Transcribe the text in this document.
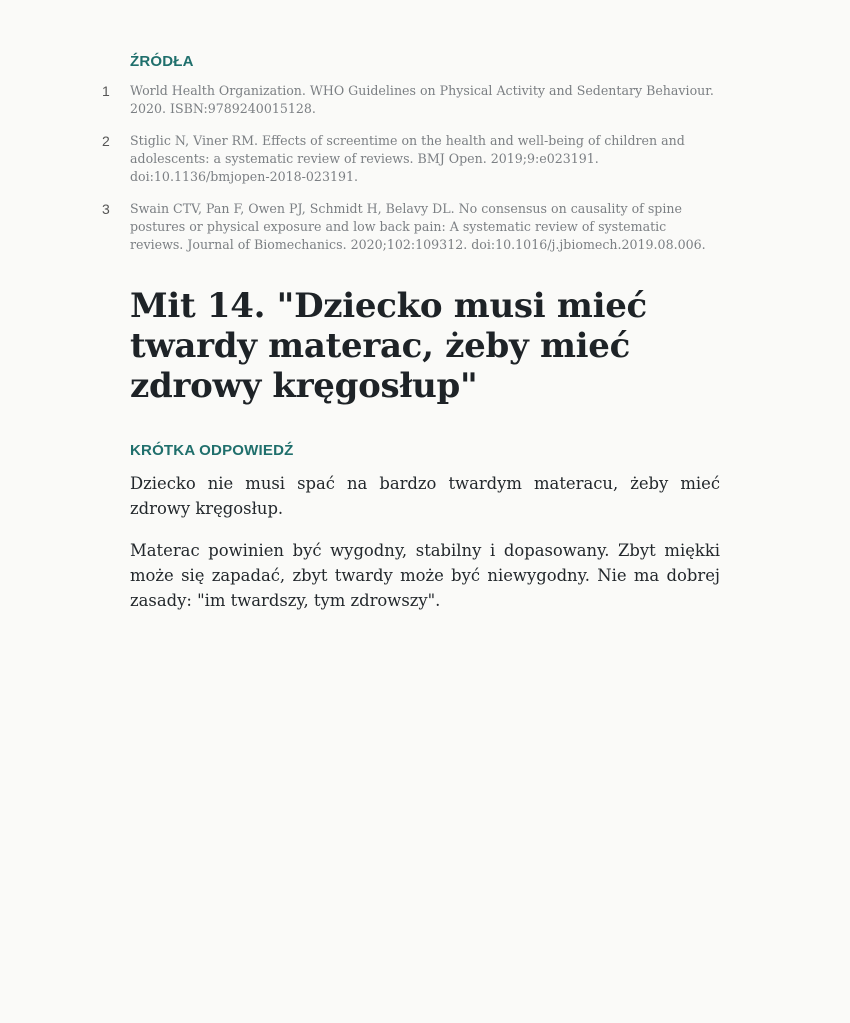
ŹRÓDŁA
1 World Health Organization. WHO Guidelines on Physical Activity and Sedentary Behaviour. 2020. ISBN:9789240015128.
2 Stiglic N, Viner RM. Effects of screentime on the health and well-being of children and adolescents: a systematic review of reviews. BMJ Open. 2019;9:e023191. doi:10.1136/bmjopen-2018-023191.
3 Swain CTV, Pan F, Owen PJ, Schmidt H, Belavy DL. No consensus on causality of spine postures or physical exposure and low back pain: A systematic review of systematic reviews. Journal of Biomechanics. 2020;102:109312. doi:10.1016/j.jbiomech.2019.08.006.
Mit 14. "Dziecko musi mieć twardy materac, żeby mieć zdrowy kręgosłup"
KRÓTKA ODPOWIEDŹ

Dziecko nie musi spać na bardzo twardym materacu, żeby mieć zdrowy kręgosłup.

Materac powinien być wygodny, stabilny i dopasowany. Zbyt miękki może się zapadać, zbyt twardy może być niewygodny. Nie ma dobrej zasady: "im twardszy, tym zdrowszy".
